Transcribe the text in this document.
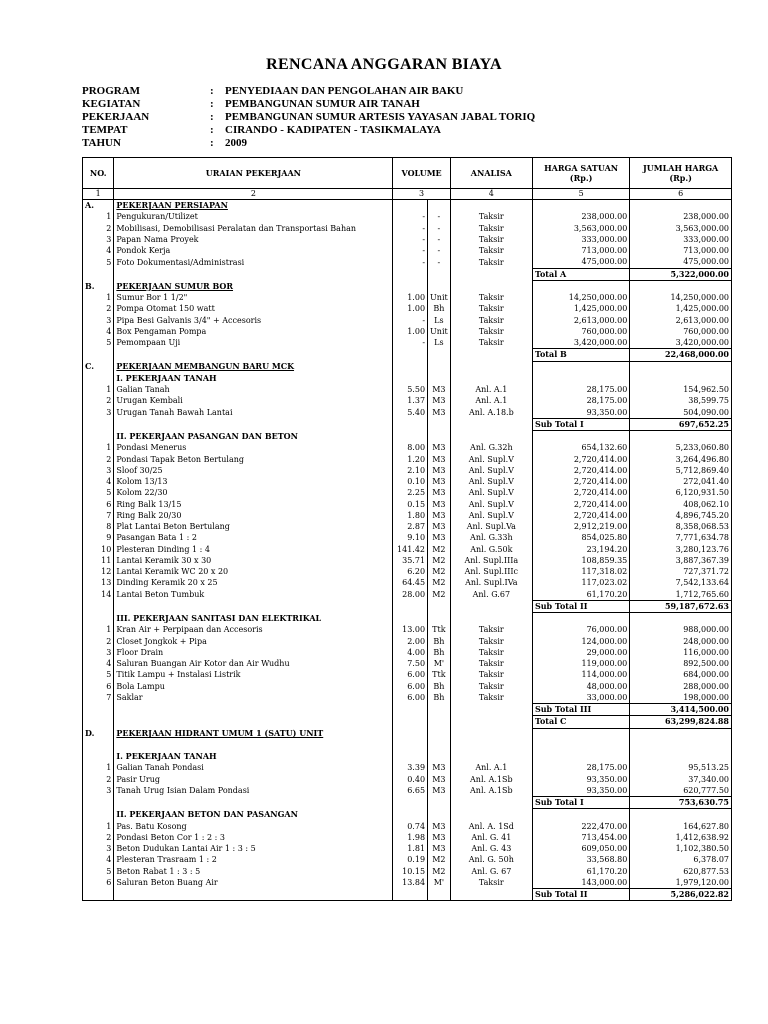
RENCANA ANGGARAN BIAYA
PROGRAM	:	PENYEDIAAN DAN PENGOLAHAN AIR BAKU
KEGIATAN	:	PEMBANGUNAN SUMUR AIR TANAH
PEKERJAAN	:	PEMBANGUNAN SUMUR ARTESIS YAYASAN JABAL TORIQ
TEMPAT	:	CIRANDO - KADIPATEN - TASIKMALAYA
TAHUN	:	2009
NO.	URAIAN PEKERJAAN	VOLUME		ANALISA	HARGA SATUAN (Rp.)	JUMLAH HARGA (Rp.)
1	2	3		4	5	6
A.	PEKERJAAN PERSIAPAN					
1	Pengukuran/Utilizet	-	-	Taksir	238,000.00	238,000.00
2	Mobilisasi, Demobilisasi Peralatan dan Transportasi Bahan	-	-	Taksir	3,563,000.00	3,563,000.00
3	Papan Nama Proyek	-	-	Taksir	333,000.00	333,000.00
4	Pondok Kerja	-	-	Taksir	713,000.00	713,000.00
5	Foto Dokumentasi/Administrasi	-	-	Taksir	475,000.00	475,000.00
					Total A	5,322,000.00
B.	PEKERJAAN SUMUR BOR					
1	Sumur Bor 1 1/2"	1.00	Unit	Taksir	14,250,000.00	14,250,000.00
2	Pompa Otomat 150 watt	1.00	Bh	Taksir	1,425,000.00	1,425,000.00
3	Pipa Besi Galvanis 3/4" + Accesoris	-	Ls	Taksir	2,613,000.00	2,613,000.00
4	Box Pengaman Pompa	1.00	Unit	Taksir	760,000.00	760,000.00
5	Pemompaan Uji	-	Ls	Taksir	3,420,000.00	3,420,000.00
					Total B	22,468,000.00
C.	PEKERJAAN MEMBANGUN BARU MCK					
	I. PEKERJAAN TANAH					
1	Galian Tanah	5.50	M3	Anl. A.1	28,175.00	154,962.50
2	Urugan Kembali	1.37	M3	Anl. A.1	28,175.00	38,599.75
3	Urugan Tanah Bawah Lantai	5.40	M3	Anl. A.18.b	93,350.00	504,090.00
					Sub Total I	697,652.25
	II. PEKERJAAN PASANGAN DAN BETON					
1	Pondasi Menerus	8.00	M3	Anl. G.32h	654,132.60	5,233,060.80
2	Pondasi Tapak Beton Bertulang	1.20	M3	Anl. Supl.V	2,720,414.00	3,264,496.80
3	Sloof 30/25	2.10	M3	Anl. Supl.V	2,720,414.00	5,712,869.40
4	Kolom 13/13	0.10	M3	Anl. Supl.V	2,720,414.00	272,041.40
5	Kolom 22/30	2.25	M3	Anl. Supl.V	2,720,414.00	6,120,931.50
6	Ring Balk 13/15	0.15	M3	Anl. Supl.V	2,720,414.00	408,062.10
7	Ring Balk 20/30	1.80	M3	Anl. Supl.V	2,720,414.00	4,896,745.20
8	Plat Lantai Beton Bertulang	2.87	M3	Anl. Supl.Va	2,912,219.00	8,358,068.53
9	Pasangan Bata 1 : 2	9.10	M3	Anl. G.33h	854,025.80	7,771,634.78
10	Plesteran Dinding 1 : 4	141.42	M2	Anl. G.50k	23,194.20	3,280,123.76
11	Lantai Keramik 30 x 30	35.71	M2	Anl. Supl.IIIa	108,859.35	3,887,367.39
12	Lantai Keramik WC 20 x 20	6.20	M2	Anl. Supl.IIIc	117,318.02	727,371.72
13	Dinding Keramik 20 x 25	64.45	M2	Anl. Supl.IVa	117,023.02	7,542,133.64
14	Lantai Beton Tumbuk	28.00	M2	Anl. G.67	61,170.20	1,712,765.60
					Sub Total II	59,187,672.63
	III. PEKERJAAN SANITASI DAN ELEKTRIKAL					
1	Kran Air + Perpipaan dan Accesoris	13.00	Ttk	Taksir	76,000.00	988,000.00
2	Closet Jongkok + Pipa	2.00	Bh	Taksir	124,000.00	248,000.00
3	Floor Drain	4.00	Bh	Taksir	29,000.00	116,000.00
4	Saluran Buangan Air Kotor dan Air Wudhu	7.50	M'	Taksir	119,000.00	892,500.00
5	Titik Lampu + Instalasi Listrik	6.00	Ttk	Taksir	114,000.00	684,000.00
6	Bola Lampu	6.00	Bh	Taksir	48,000.00	288,000.00
7	Saklar	6.00	Bh	Taksir	33,000.00	198,000.00
					Sub Total III	3,414,500.00
					Total C	63,299,824.88
D.	PEKERJAAN HIDRANT UMUM 1 (SATU) UNIT					

	I. PEKERJAAN TANAH					
1	Galian Tanah Pondasi	3.39	M3	Anl. A.1	28,175.00	95,513.25
2	Pasir Urug	0.40	M3	Anl. A.1Sb	93,350.00	37,340.00
3	Tanah Urug Isian Dalam Pondasi	6.65	M3	Anl. A.1Sb	93,350.00	620,777.50
					Sub Total I	753,630.75
	II. PEKERJAAN BETON DAN PASANGAN					
1	Pas. Batu Kosong	0.74	M3	Anl. A. 1Sd	222,470.00	164,627.80
2	Pondasi Beton Cor 1 : 2 : 3	1.98	M3	Anl. G. 41	713,454.00	1,412,638.92
3	Beton Dudukan Lantai Air 1 : 3 : 5	1.81	M3	Anl. G. 43	609,050.00	1,102,380.50
4	Plesteran Trasraam 1 : 2	0.19	M2	Anl. G. 50h	33,568.80	6,378.07
5	Beton Rabat 1 : 3 : 5	10.15	M2	Anl. G. 67	61,170.20	620,877.53
6	Saluran Beton Buang Air	13.84	M'	Taksir	143,000.00	1,979,120.00
					Sub Total II	5,286,022.82
